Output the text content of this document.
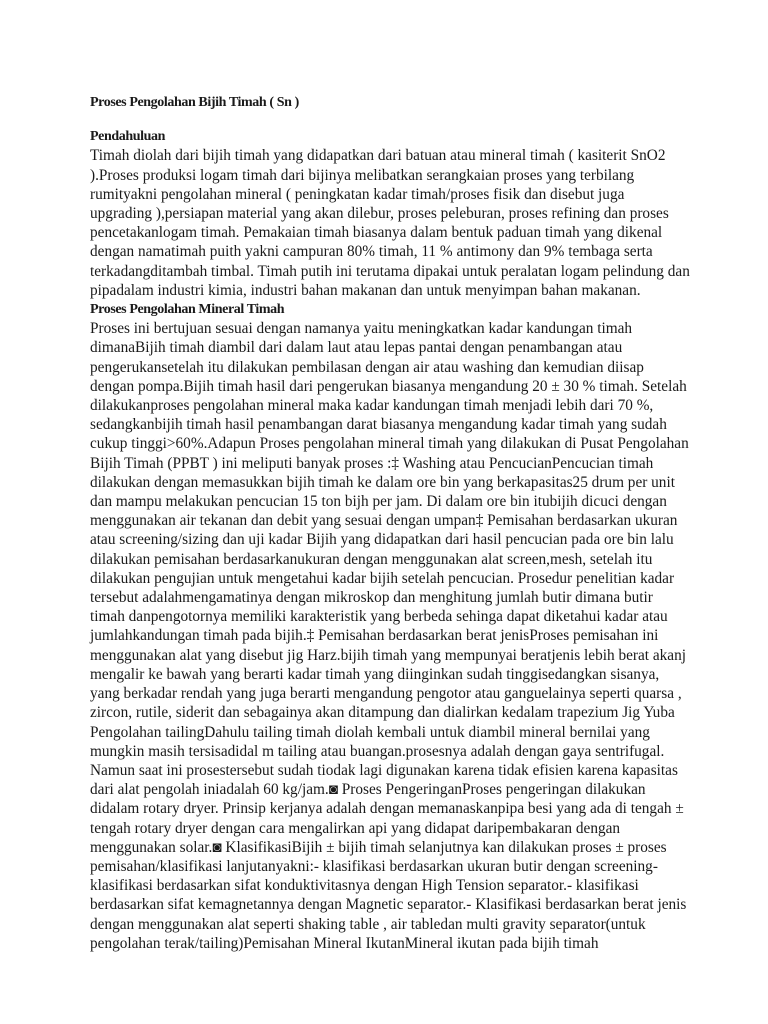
Proses Pengolahan Bijih Timah ( Sn )

Pendahuluan

Timah diolah dari bijih timah yang didapatkan dari batuan atau mineral timah ( kasiterit SnO2 ).Proses produksi logam timah dari bijinya melibatkan serangkaian proses yang terbilang rumityakni pengolahan mineral ( peningkatan kadar timah/proses fisik dan disebut juga upgrading ),persiapan material yang akan dilebur, proses peleburan, proses refining dan proses pencetakanlogam timah. Pemakaian timah biasanya dalam bentuk paduan timah yang dikenal dengan namatimah puith yakni campuran 80% timah, 11 % antimony dan 9% tembaga serta terkadangditambah timbal. Timah putih ini terutama dipakai untuk peralatan logam pelindung dan pipadalam industri kimia, industri bahan makanan dan untuk menyimpan bahan makanan.

Proses Pengolahan Mineral Timah

Proses ini bertujuan sesuai dengan namanya yaitu meningkatkan kadar kandungan timah dimanaBijih timah diambil dari dalam laut atau lepas pantai dengan penambangan atau pengerukansetelah itu dilakukan pembilasan dengan air atau washing dan kemudian diisap dengan pompa.Bijih timah hasil dari pengerukan biasanya mengandung 20 ± 30 % timah. Setelah dilakukanproses pengolahan mineral maka kadar kandungan timah menjadi lebih dari 70 %, sedangkanbijih timah hasil penambangan darat biasanya mengandung kadar timah yang sudah cukup tinggi>60%.Adapun Proses pengolahan mineral timah yang dilakukan di Pusat Pengolahan Bijih Timah (PPBT ) ini meliputi banyak proses :‡ Washing atau PencucianPencucian timah dilakukan dengan memasukkan bijih timah ke dalam ore bin yang berkapasitas25 drum per unit dan mampu melakukan pencucian 15 ton bijh per jam. Di dalam ore bin itubijih dicuci dengan menggunakan air tekanan dan debit yang sesuai dengan umpan‡ Pemisahan berdasarkan ukuran atau screening/sizing dan uji kadar Bijih yang didapatkan dari hasil pencucian pada ore bin lalu dilakukan pemisahan berdasarkanukuran dengan menggunakan alat screen,mesh, setelah itu dilakukan pengujian untuk mengetahui kadar bijih setelah pencucian. Prosedur penelitian kadar tersebut adalahmengamatinya dengan mikroskop dan menghitung jumlah butir dimana butir timah danpengotornya memiliki karakteristik yang berbeda sehinga dapat diketahui kadar atau jumlahkandungan timah pada bijih.‡ Pemisahan berdasarkan berat jenisProses pemisahan ini menggunakan alat yang disebut jig Harz.bijih timah yang mempunyai beratjenis lebih berat akanj mengalir ke bawah yang berarti kadar timah yang diinginkan sudah tinggisedangkan sisanya, yang berkadar rendah yang juga berarti mengandung pengotor atau ganguelainya seperti quarsa , zircon, rutile, siderit dan sebagainya akan ditampung dan dialirkan kedalam trapezium Jig Yuba

Pengolahan tailingDahulu tailing timah diolah kembali untuk diambil mineral bernilai yang mungkin masih tersisadidal m tailing atau buangan.prosesnya adalah dengan gaya sentrifugal. Namun saat ini prosestersebut sudah tiodak lagi digunakan karena tidak efisien karena kapasitas dari alat pengolah iniadalah 60 kg/jam.◙ Proses PengeringanProses pengeringan dilakukan didalam rotary dryer. Prinsip kerjanya adalah dengan memanaskanpipa besi yang ada di tengah ± tengah rotary dryer dengan cara mengalirkan api yang didapat daripembakaran dengan menggunakan solar.◙ KlasifikasiBijih ± bijih timah selanjutnya kan dilakukan proses ± proses pemisahan/klasifikasi lanjutanyakni:- klasifikasi berdasarkan ukuran butir dengan screening- klasifikasi berdasarkan sifat konduktivitasnya dengan High Tension separator.- klasifikasi berdasarkan sifat kemagnetannya dengan Magnetic separator.- Klasifikasi berdasarkan berat jenis dengan menggunakan alat seperti shaking table , air tabledan multi gravity separator(untuk pengolahan terak/tailing)Pemisahan Mineral IkutanMineral ikutan pada bijih timah
